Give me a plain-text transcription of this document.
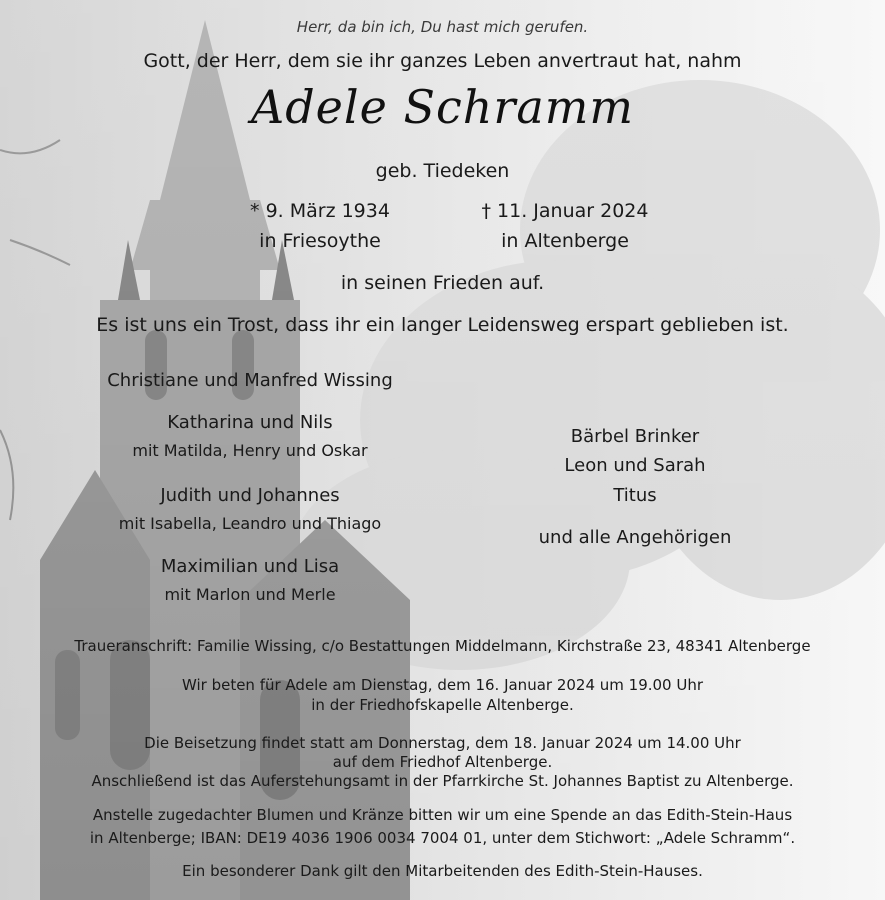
Herr, da bin ich, Du hast mich gerufen.
Gott, der Herr, dem sie ihr ganzes Leben anvertraut hat, nahm
Adele Schramm
geb. Tiedeken
* 9. März 1934
in Friesoythe
† 11. Januar 2024
in Altenberge
in seinen Frieden auf.
Es ist uns ein Trost, dass ihr ein langer Leidensweg erspart geblieben ist.
Christiane und Manfred Wissing
Katharina und Nils
mit Matilda, Henry und Oskar
Judith und Johannes
mit Isabella, Leandro und Thiago
Maximilian und Lisa
mit Marlon und Merle
Bärbel Brinker
Leon und Sarah
Titus
und alle Angehörigen
Traueranschrift: Familie Wissing, c/o Bestattungen Middelmann, Kirchstraße 23, 48341 Altenberge
Wir beten für Adele am Dienstag, dem 16. Januar 2024 um 19.00 Uhr
in der Friedhofskapelle Altenberge.
Die Beisetzung findet statt am Donnerstag, dem 18. Januar 2024 um 14.00 Uhr
auf dem Friedhof Altenberge.
Anschließend ist das Auferstehungsamt in der Pfarrkirche St. Johannes Baptist zu Altenberge.
Anstelle zugedachter Blumen und Kränze bitten wir um eine Spende an das Edith-Stein-Haus
in Altenberge; IBAN: DE19 4036 1906 0034 7004 01, unter dem Stichwort: „Adele Schramm“.
Ein besonderer Dank gilt den Mitarbeitenden des Edith-Stein-Hauses.
